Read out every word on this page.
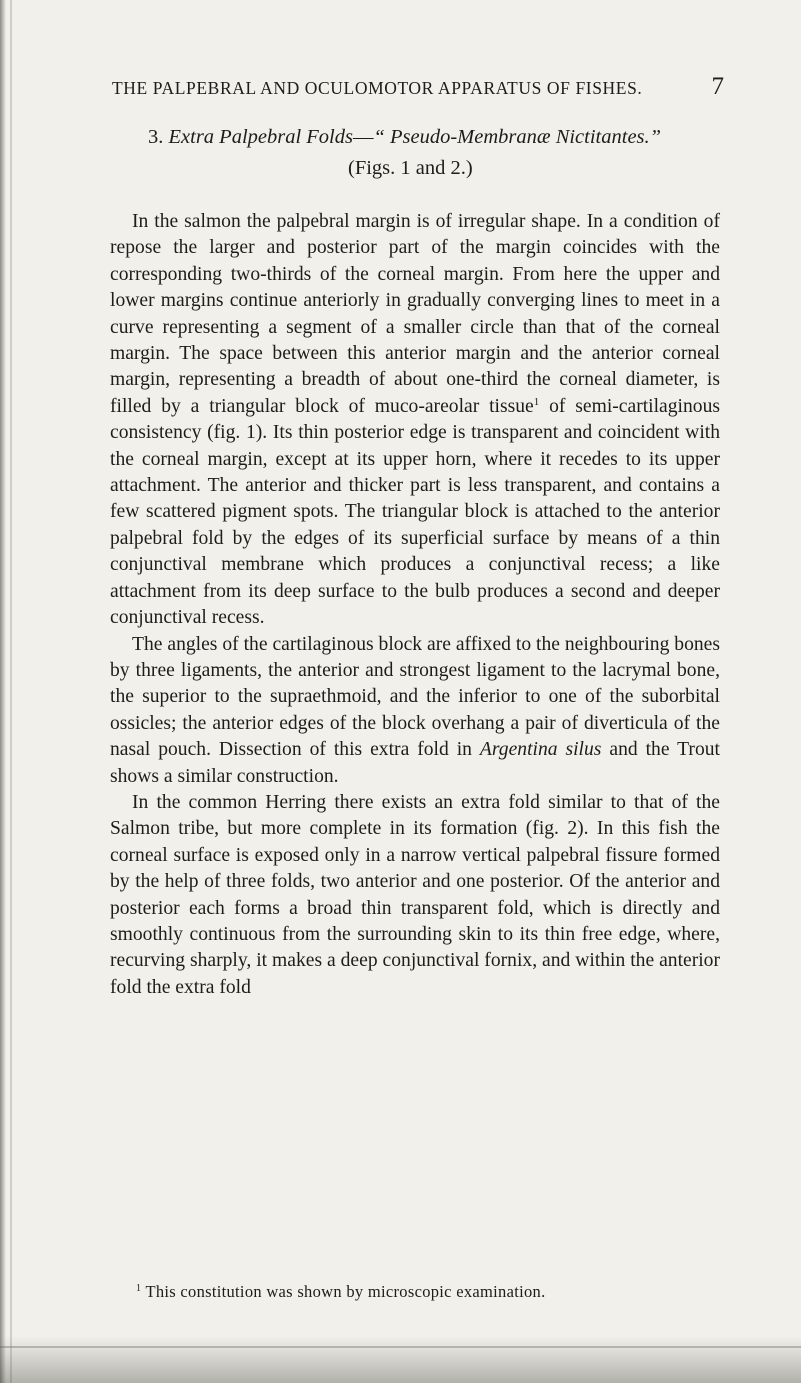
THE PALPEBRAL AND OCULOMOTOR APPARATUS OF FISHES.	7
3. Extra Palpebral Folds—“ Pseudo-Membranæ Nictitantes.”
(Figs. 1 and 2.)

In the salmon the palpebral margin is of irregular shape. In a condition of repose the larger and posterior part of the margin coincides with the corresponding two-thirds of the corneal margin. From here the upper and lower margins continue anteriorly in gradually converging lines to meet in a curve representing a segment of a smaller circle than that of the corneal margin. The space between this anterior margin and the anterior corneal margin, representing a breadth of about one-third the corneal diameter, is filled by a triangular block of muco-areolar tissue$^1$ of semi-cartilaginous consistency (fig. 1). Its thin posterior edge is transparent and coincident with the corneal margin, except at its upper horn, where it recedes to its upper attachment. The anterior and thicker part is less transparent, and contains a few scattered pigment spots. The triangular block is attached to the anterior palpebral fold by the edges of its superficial surface by means of a thin conjunctival membrane which produces a conjunctival recess; a like attachment from its deep surface to the bulb produces a second and deeper conjunctival recess.

The angles of the cartilaginous block are affixed to the neighbouring bones by three ligaments, the anterior and strongest ligament to the lacrymal bone, the superior to the supraethmoid, and the inferior to one of the suborbital ossicles; the anterior edges of the block overhang a pair of diverticula of the nasal pouch. Dissection of this extra fold in Argentina silus and the Trout shows a similar construction.

In the common Herring there exists an extra fold similar to that of the Salmon tribe, but more complete in its formation (fig. 2). In this fish the corneal surface is exposed only in a narrow vertical palpebral fissure formed by the help of three folds, two anterior and one posterior. Of the anterior and posterior each forms a broad thin transparent fold, which is directly and smoothly continuous from the surrounding skin to its thin free edge, where, recurving sharply, it makes a deep conjunctival fornix, and within the anterior fold the extra fold

$^1$ This constitution was shown by microscopic examination.
